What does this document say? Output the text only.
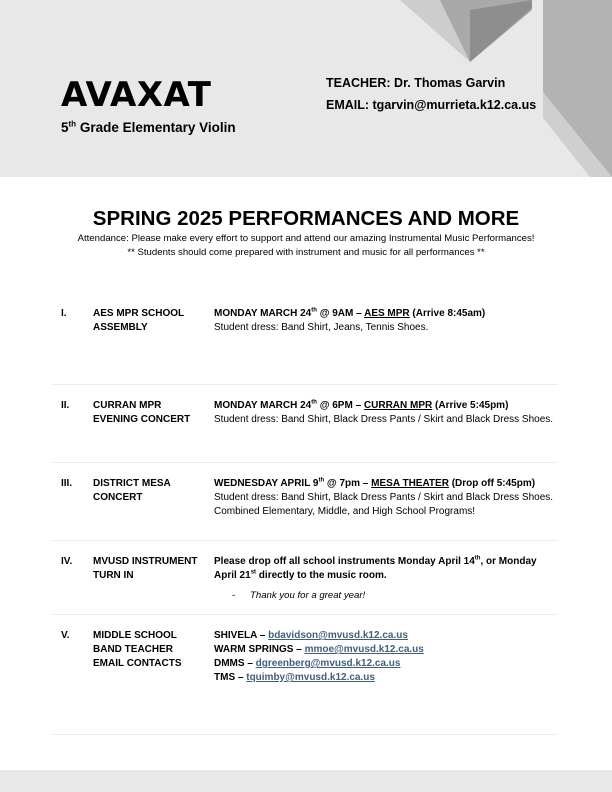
AVAXAT
5th Grade Elementary Violin
TEACHER: Dr. Thomas Garvin
EMAIL: tgarvin@murrieta.k12.ca.us
SPRING 2025 PERFORMANCES AND MORE
Attendance: Please make every effort to support and attend our amazing Instrumental Music Performances!
** Students should come prepared with instrument and music for all performances **
I.	AES MPR SCHOOL ASSEMBLY
MONDAY MARCH 24th @ 9AM – AES MPR (Arrive 8:45am)
Student dress: Band Shirt, Jeans, Tennis Shoes.
II. CURRAN MPR EVENING CONCERT
MONDAY MARCH 24th @ 6PM – CURRAN MPR (Arrive 5:45pm)
Student dress: Band Shirt, Black Dress Pants / Skirt and Black Dress Shoes.
III. DISTRICT MESA CONCERT
WEDNESDAY APRIL 9th @ 7pm – MESA THEATER (Drop off 5:45pm)
Student dress: Band Shirt, Black Dress Pants / Skirt and Black Dress Shoes.
Combined Elementary, Middle, and High School Programs!
IV. MVUSD INSTRUMENT TURN IN
Please drop off all school instruments Monday April 14th, or Monday April 21st directly to the music room.
- Thank you for a great year!
V. MIDDLE SCHOOL BAND TEACHER EMAIL CONTACTS
SHIVELA – bdavidson@mvusd.k12.ca.us
WARM SPRINGS – mmoe@mvusd.k12.ca.us
DMMS – dgreenberg@mvusd.k12.ca.us
TMS – tquimby@mvusd.k12.ca.us
